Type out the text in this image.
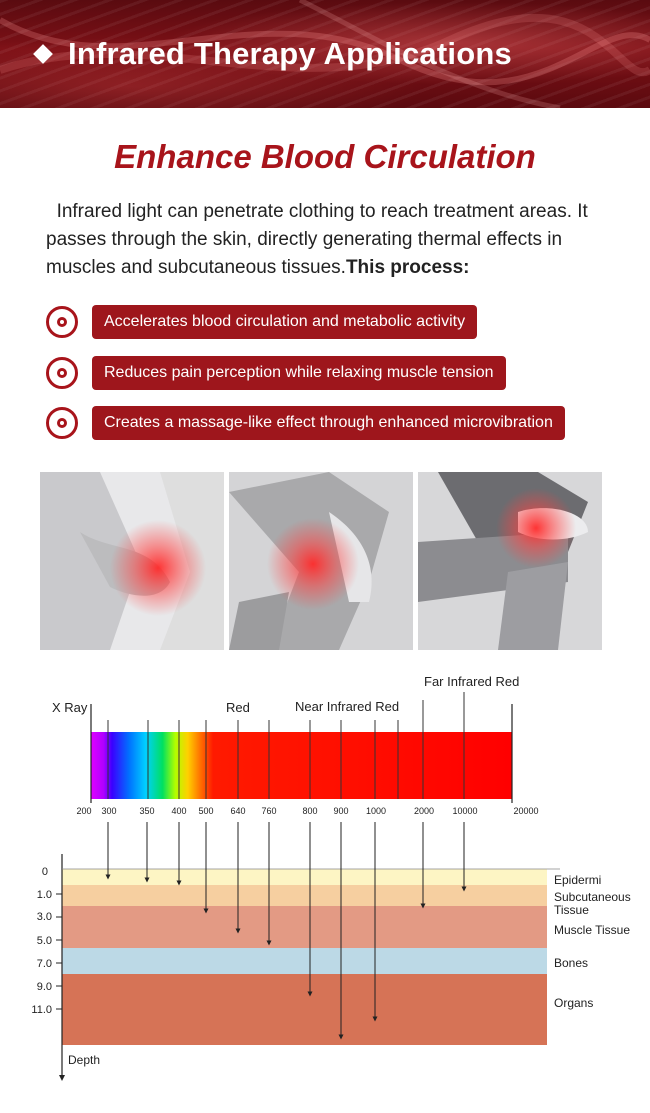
Infrared Therapy Applications
Enhance Blood Circulation
Infrared light can penetrate clothing to reach treatment areas. It passes through the skin, directly generating thermal effects in muscles and subcutaneous tissues.This process:
Accelerates blood circulation and metabolic activity
Reduces pain perception while relaxing muscle tension
Creates a massage-like effect through enhanced microvibration
X Ray	Red	Near Infrared Red
Far Infrared Red
200 300	350 400 500 640 760	800 900 1000	2000 10000	20000
0
1.0
3.0
5.0
7.0
9.0
11.0
Depth
Epidermi
Subcutaneous Tissue
Muscle Tissue
Bones
Organs
